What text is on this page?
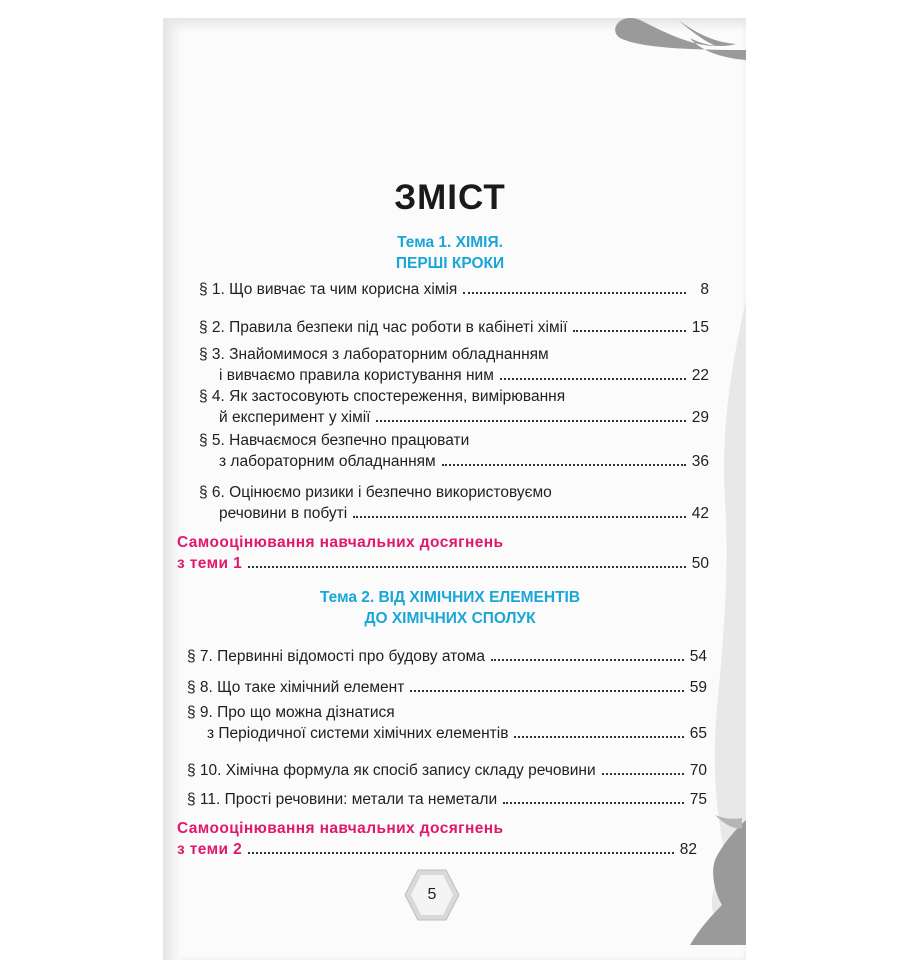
ЗМІСТ
Тема 1. ХІМІЯ.
ПЕРШІ КРОКИ
§ 1. Що вивчає та чим корисна хімія	8
§ 2. Правила безпеки під час роботи в кабінеті хімії	15
§ 3. Знайомимося з лабораторним обладнанням
і вивчаємо правила користування ним	22
§ 4. Як застосовують спостереження, вимірювання
й експеримент у хімії	29
§ 5. Навчаємося безпечно працювати
з лабораторним обладнанням	36
§ 6. Оцінюємо ризики і безпечно використовуємо
речовини в побуті	42
Самооцінювання навчальних досягнень
з теми 1	50
Тема 2. ВІД ХІМІЧНИХ ЕЛЕМЕНТІВ
ДО ХІМІЧНИХ СПОЛУК
§ 7. Первинні відомості про будову атома	54
§ 8. Що таке хімічний елемент	59
§ 9. Про що можна дізнатися
з Періодичної системи хімічних елементів	65
§ 10. Хімічна формула як спосіб запису складу речовини	70
§ 11. Прості речовини: метали та неметали	75
Самооцінювання навчальних досягнень
з теми 2	82
5
